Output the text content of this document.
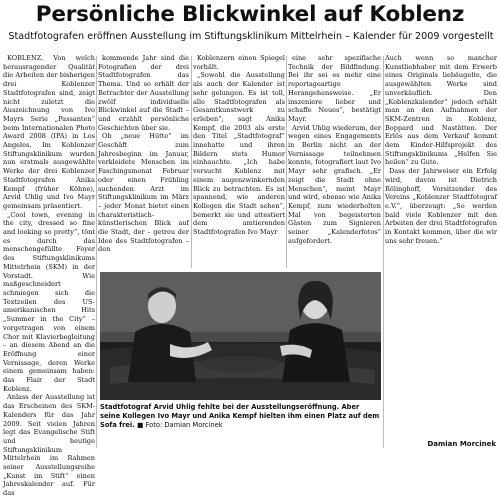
Persönliche Blickwinkel auf Koblenz
Stadtfotografen eröffnen Ausstellung im Stiftungsklinikum Mittelrhein – Kalender für 2009 vorgestellt

KOBLENZ. Von welch herausragender Qualität die Arbeiten der bisherigen drei Koblenzer Stadtfotografen sind, zeigt nicht zuletzt die Auszeichnung von Ivo Mayrs Serie „Passanten“ beim Internationalen Photo Award 2008 (IPA) in Los Angeles. Im Koblenzer Stiftungsklinikum wurden nun erstmals ausgewählte Werke der drei Koblenzer Stadtfotografen Anika Kempf (früher Köhne), Arvid Uhlig und Ivo Mayr gemeinsam präsentiert.

„Cool town, evening in the city, dressed so fine and looking so pretty“, tönt es durch das menschengefüllte Foyer des Stiftungsklinikums Mittelrhein (SKM) in der Vorstadt. Wie maßgeschneidert schmiegen sich die Textzeilen des US-amerikanischen Hits „Summer in the City“ – vorgetragen von einem Chor mit Klavierbegleitung – an diesem Abend an die Eröffnung einer Vernissage, deren Werke einem gemeinsam haben: das Flair der Stadt Koblenz.

Anlass der Ausstellung ist das Erscheinen des SKM-Kalenders für das Jahr 2009. Seit vielen Jahren legt das Evangelische Stift und heutige Stiftungsklinikum Mittelrhein im Rahmen seiner Ausstellungsreihe „Kunst im Stift“ einen Jahreskalender auf. Für das

kommende Jahr sind die Fotografien der drei Stadtfotografen das Thema. Und so erhält der Betrachter der Ausstellung zwölf individuelle Blickwinkel auf die Stadt – und erzählt persönliche Geschichten über sie.

Ob „neue Hütte“ im Geschäft zum Jahresbeginn im Januar, verkleidete Menschen im Faschingsmonat Februar oder einen Frühling suchenden Arzt im Stiftungsklinikum im März – jeder Monat bietet einen charakteristisch-künstlerischen Blick auf die Stadt, der – getreu der Idee des Stadtfotografen – den

Koblenzern einen Spiegel vorhält.

„Sowohl die Ausstellung als auch der Kalender ist sehr gelungen. Es ist toll, alle Stadtfotografen als Gesamtkunstwerk zu erleben“, sagt Anika Kempf, die 2003 als erste den Titel „Stadtfotograf“ innehatte und ihren Bildern stets Humor einhauchte. „Ich habe versucht Koblenz mit einem augenzwinkernden Blick zu betrachten. Es ist spannend, wie anderen Kollegen die Stadt sehen“, bemerkt sie und attestiert dem amtierenden Stadtfotografen Ivo Mayr

eine sehr spezifische Technik der Bildfindung. Bei ihr sei es mehr eine reportageartige Herangehensweise. „Er inszeniere lieber und schaffe Neues“, bestätigt Mayr.

Arvid Uhlig wiederum, der wegen eines Engagements in Berlin nicht an der Vernissage teilnehmen konnte, fotografiert laut Ivo Mayr sehr grafisch. „Er zeigt die Stadt ohne Menschen“, meint Mayr und wird, ebenso wie Anika Kempf, zum wiederholten Mal von begeisterten Gästen zum Signieren seiner „Kalenderfotos“ aufgefordert.

Auch wenn so mancher Kunstliebhaber mit dem Erwerb eines Originals liebäugelte, die ausgewählten Werke sind unverkäuflich. Den „Koblenzkalender“ jedoch erhält man an den Aufnahmen der SKM-Zentren in Koblenz, Boppard und Nastätten. Der Erlös aus dem Verkauf kommt dem Kinder-Hilfsprojekt des Stiftungsklinikums „Helfen Sie heilen“ zu Gute.

Dass der Jahrweiser ein Erfolg wird, davon ist Dietrich Rölinghoff, Vorsitzender des Vereins „Koblenzer Stadtfotograf e.V.“, überzeugt: „So werden bald viele Koblenzer mit den Arbeiten der drei Stadtfotografen in Kontakt kommen, über die wir uns sehr freuen.“

Stadtfotograf Arvid Uhlig fehlte bei der Ausstellungseröffnung. Aber seine Kollegen Ivo Mayr und Anika Kempf hielten ihm einen Platz auf dem Sofa frei. ■ Foto: Damian Morcinek
Damian Morcinek
